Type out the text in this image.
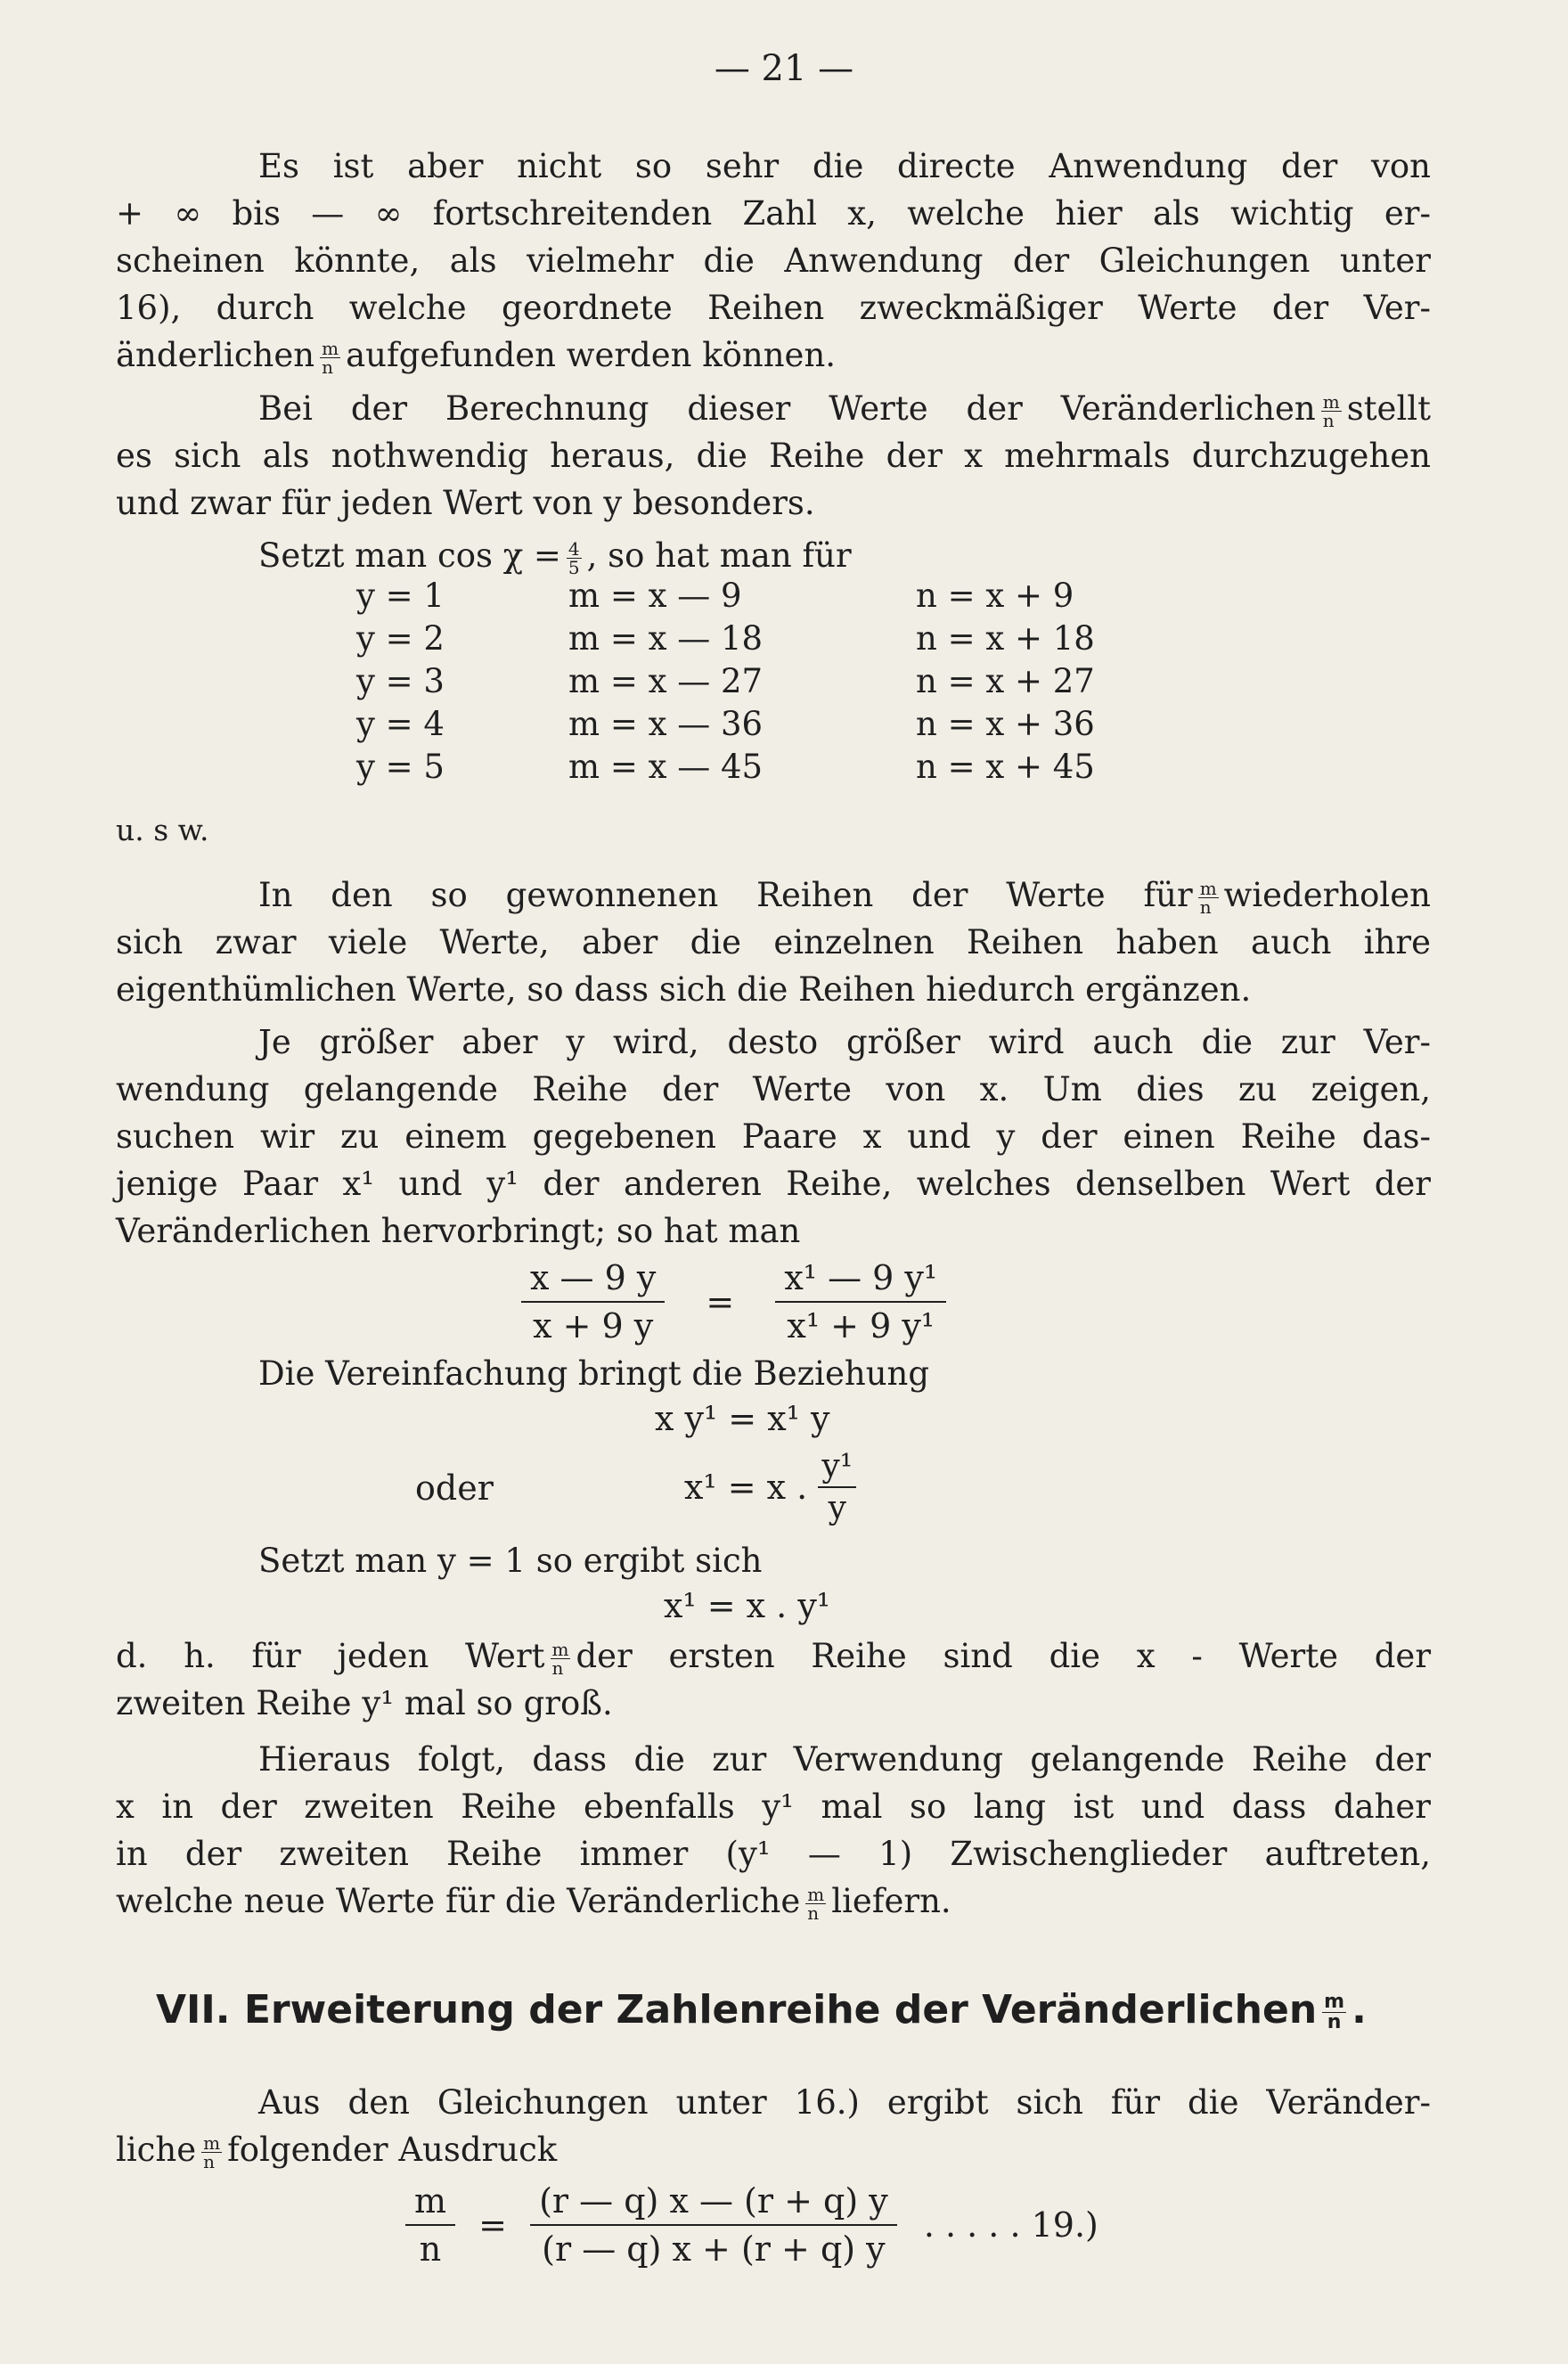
— 21 —
Es ist aber nicht so sehr die directe Anwendung der von
+ ∞ bis — ∞ fortschreitenden Zahl x, welche hier als wichtig er-
scheinen könnte, als vielmehr die Anwendung der Gleichungen unter
16), durch welche geordnete Reihen zweckmäßiger Werte der Ver-
änderlichen $\frac{m}{n}$ aufgefunden werden können.
Bei der Berechnung dieser Werte der Veränderlichen $\frac{m}{n}$ stellt
es sich als nothwendig heraus, die Reihe der x mehrmals durchzugehen
und zwar für jeden Wert von y besonders.
Setzt man $\cos \chi = \frac{4}{5}$ , so hat man für
y = 1	m = x — 9	n = x + 9
y = 2	m = x — 18	n = x + 18
y = 3	m = x — 27	n = x + 27
y = 4	m = x — 36	n = x + 36
y = 5	m = x — 45	n = x + 45
u. s w.
In den so gewonnenen Reihen der Werte für $\frac{m}{n}$ wiederholen
sich zwar viele Werte, aber die einzelnen Reihen haben auch ihre
eigenthümlichen Werte, so dass sich die Reihen hiedurch ergänzen.
Je größer aber y wird, desto größer wird auch die zur Ver-
wendung gelangende Reihe der Werte von x. Um dies zu zeigen,
suchen wir zu einem gegebenen Paare x und y der einen Reihe das-
jenige Paar x¹ und y¹ der anderen Reihe, welches denselben Wert der
Veränderlichen hervorbringt; so hat man
$\frac{x — 9 y}{x + 9 y} = \frac{\text{x¹ — 9 y¹}}{\text{x¹ + 9 y¹}}$
Die Vereinfachung bringt die Beziehung
x y¹ = x¹ y
oder	x¹ = x . $\frac{\text{y¹}}{y}$
Setzt man y = 1 so ergibt sich
x¹ = x . y¹
d. h. für jeden Wert $\frac{m}{n}$ der ersten Reihe sind die x - Werte der
zweiten Reihe y¹ mal so groß.
Hieraus folgt, dass die zur Verwendung gelangende Reihe der
x in der zweiten Reihe ebenfalls y¹ mal so lang ist und dass daher
in der zweiten Reihe immer (y¹ — 1) Zwischenglieder auftreten,
welche neue Werte für die Veränderliche $\frac{m}{n}$ liefern.
VII. Erweiterung der Zahlenreihe der Veränderlichen $\frac{m}{n}$ .
Aus den Gleichungen unter 16.) ergibt sich für die Veränder-
liche $\frac{m}{n}$ folgender Ausdruck
$\frac{m}{n} = \frac{(r — q) x — (r + q) y}{(r — q) x + (r + q) y}$ . . . . . 19.)
